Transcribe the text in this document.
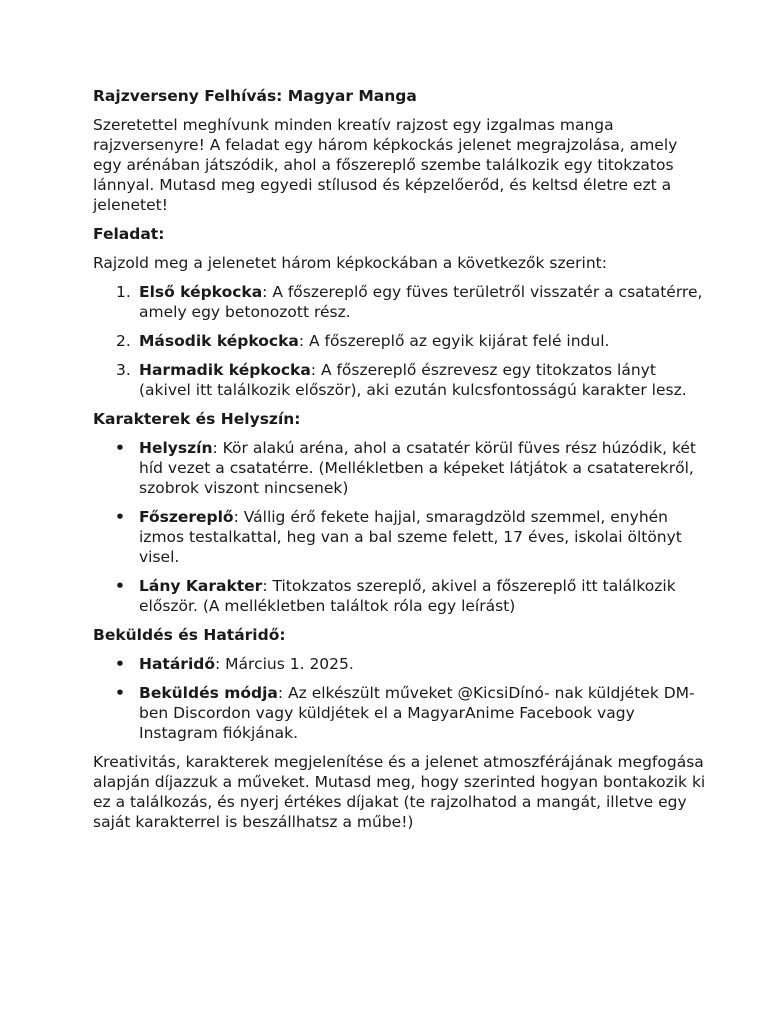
Rajzverseny Felhívás: Magyar Manga

Szeretettel meghívunk minden kreatív rajzost egy izgalmas manga rajzversenyre! A feladat egy három képkockás jelenet megrajzolása, amely egy arénában játszódik, ahol a főszereplő szembe találkozik egy titokzatos lánnyal. Mutasd meg egyedi stílusod és képzelőerőd, és keltsd életre ezt a jelenetet!

Feladat:

Rajzold meg a jelenetet három képkockában a következők szerint:

Első képkocka: A főszereplő egy füves területről visszatér a csatatérre, amely egy betonozott rész.
Második képkocka: A főszereplő az egyik kijárat felé indul.
Harmadik képkocka: A főszereplő észrevesz egy titokzatos lányt (akivel itt találkozik először), aki ezután kulcsfontosságú karakter lesz.
Karakterek és Helyszín:
• Helyszín: Kör alakú aréna, ahol a csatatér körül füves rész húzódik, két híd vezet a csatatérre. (Mellékletben a képeket látjátok a csataterekről, szobrok viszont nincsenek)
• Főszereplő: Vállig érő fekete hajjal, smaragdzöld szemmel, enyhén izmos testalkattal, heg van a bal szeme felett, 17 éves, iskolai öltönyt visel.
• Lány Karakter: Titokzatos szereplő, akivel a főszereplő itt találkozik először. (A mellékletben találtok róla egy leírást)
Beküldés és Határidő:
• Határidő: Március 1. 2025.
• Beküldés módja: Az elkészült műveket @KicsiDínó- nak küldjétek DM-ben Discordon vagy küldjétek el a MagyarAnime Facebook vagy Instagram fiókjának.

Kreativitás, karakterek megjelenítése és a jelenet atmoszférájának megfogása alapján díjazzuk a műveket. Mutasd meg, hogy szerinted hogyan bontakozik ki ez a találkozás, és nyerj értékes díjakat (te rajzolhatod a mangát, illetve egy saját karakterrel is beszállhatsz a műbe!)
